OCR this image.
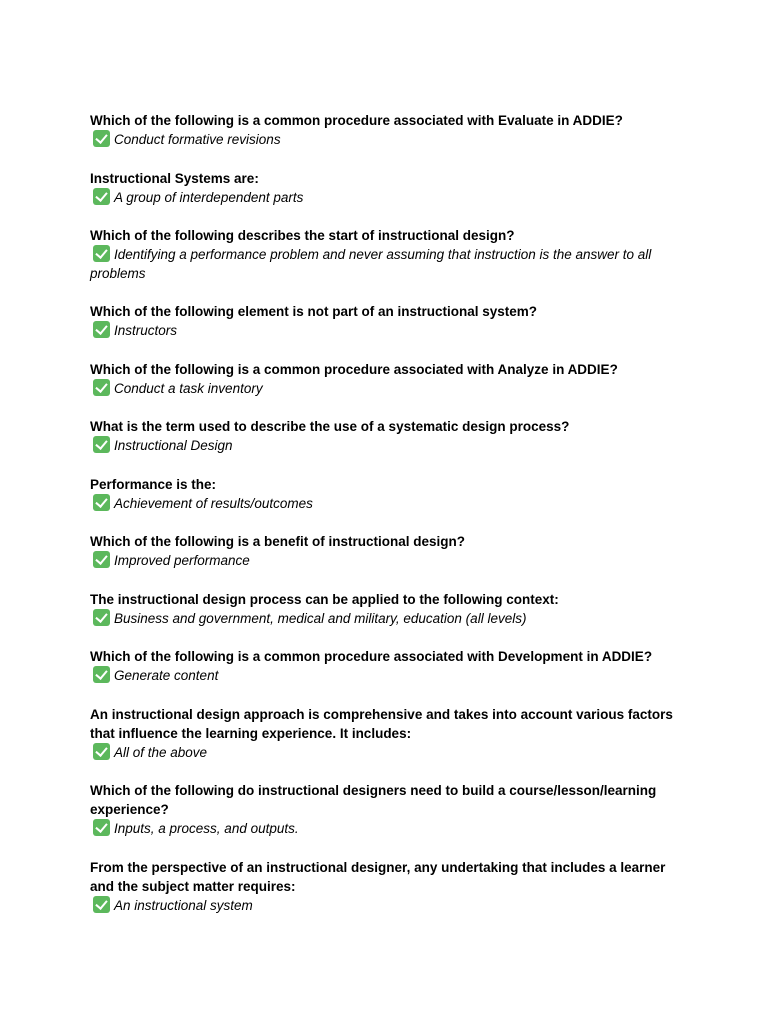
Which of the following is a common procedure associated with Evaluate in ADDIE?

Conduct formative revisions

Instructional Systems are:

A group of interdependent parts

Which of the following describes the start of instructional design?

Identifying a performance problem and never assuming that instruction is the answer to all problems

Which of the following element is not part of an instructional system?

Instructors

Which of the following is a common procedure associated with Analyze in ADDIE?

Conduct a task inventory

What is the term used to describe the use of a systematic design process?

Instructional Design

Performance is the:

Achievement of results/outcomes

Which of the following is a benefit of instructional design?

Improved performance

The instructional design process can be applied to the following context:

Business and government, medical and military, education (all levels)

Which of the following is a common procedure associated with Development in ADDIE?

Generate content

An instructional design approach is comprehensive and takes into account various factors that influence the learning experience. It includes:

All of the above

Which of the following do instructional designers need to build a course/lesson/learning experience?

Inputs, a process, and outputs.

From the perspective of an instructional designer, any undertaking that includes a learner and the subject matter requires:

An instructional system
